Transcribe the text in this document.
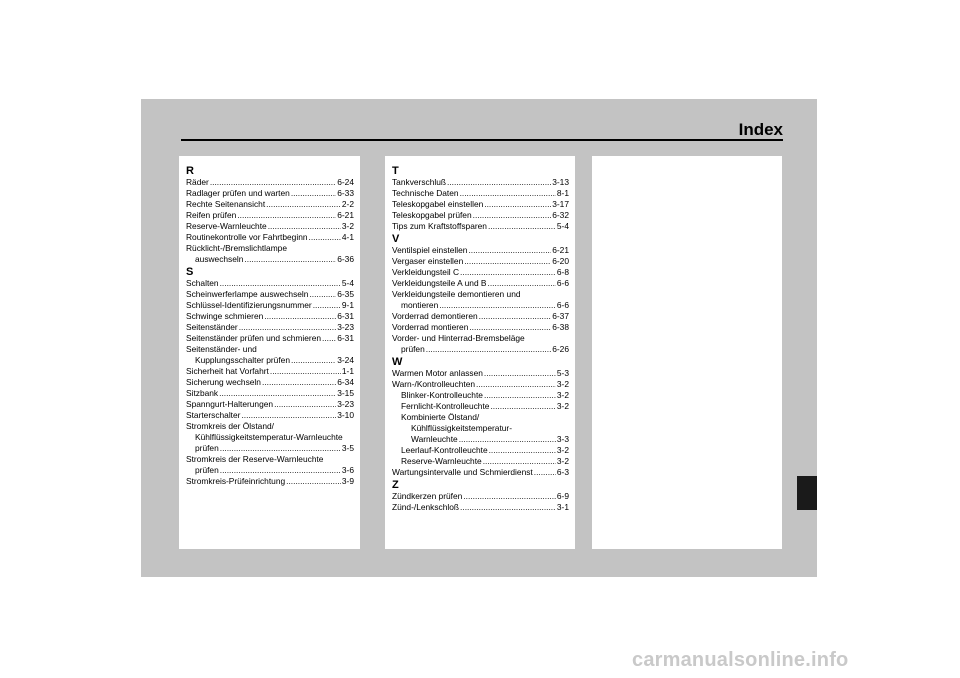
Index
R
Räder .....	6-24
Radlager prüfen und warten .....	6-33
Rechte Seitenansicht .....	2-2
Reifen prüfen .....	6-21
Reserve-Warnleuchte .....	3-2
Routinekontrolle vor Fahrtbeginn .....	4-1
Rücklicht-/Bremslichtlampe
auswechseln .....	6-36
S
Schalten .....	5-4
Scheinwerferlampe auswechseln .....	6-35
Schlüssel-Identifizierungsnummer .....	9-1
Schwinge schmieren .....	6-31
Seitenständer .....	3-23
Seitenständer prüfen und schmieren ..... 6-31
Seitenständer- und
Kupplungsschalter prüfen .....	3-24
Sicherheit hat Vorfahrt .....	1-1
Sicherung wechseln .....	6-34
Sitzbank .....	3-15
Spanngurt-Halterungen .....	3-23
Starterschalter .....	3-10
Stromkreis der Ölstand/
Kühlflüssigkeitstemperatur-Warnleuchte
prüfen .....	3-5
Stromkreis der Reserve-Warnleuchte
prüfen .....	3-6
Stromkreis-Prüfeinrichtung .....	3-9
T
Tankverschluß .....	3-13
Technische Daten .....	8-1
Teleskopgabel einstellen .....	3-17
Teleskopgabel prüfen .....	6-32
Tips zum Kraftstoffsparen .....	5-4
V
Ventilspiel einstellen .....	6-21
Vergaser einstellen .....	6-20
Verkleidungsteil C .....	6-8
Verkleidungsteile A und B .....	6-6
Verkleidungsteile demontieren und
montieren .....	6-6
Vorderrad demontieren .....	6-37
Vorderrad montieren .....	6-38
Vorder- und Hinterrad-Bremsbeläge
prüfen .....	6-26
W
Warmen Motor anlassen .....	5-3
Warn-/Kontrolleuchten .....	3-2
Blinker-Kontrolleuchte .....	3-2
Fernlicht-Kontrolleuchte .....	3-2
Kombinierte Ölstand/
Kühlflüssigkeitstemperatur-
Warnleuchte .....	3-3
Leerlauf-Kontrolleuchte .....	3-2
Reserve-Warnleuchte .....	3-2
Wartungsintervalle und Schmierdienst .....	6-3
Z
Zündkerzen prüfen .....	6-9
Zünd-/Lenkschloß .....	3-1
carmanualsonline.info
